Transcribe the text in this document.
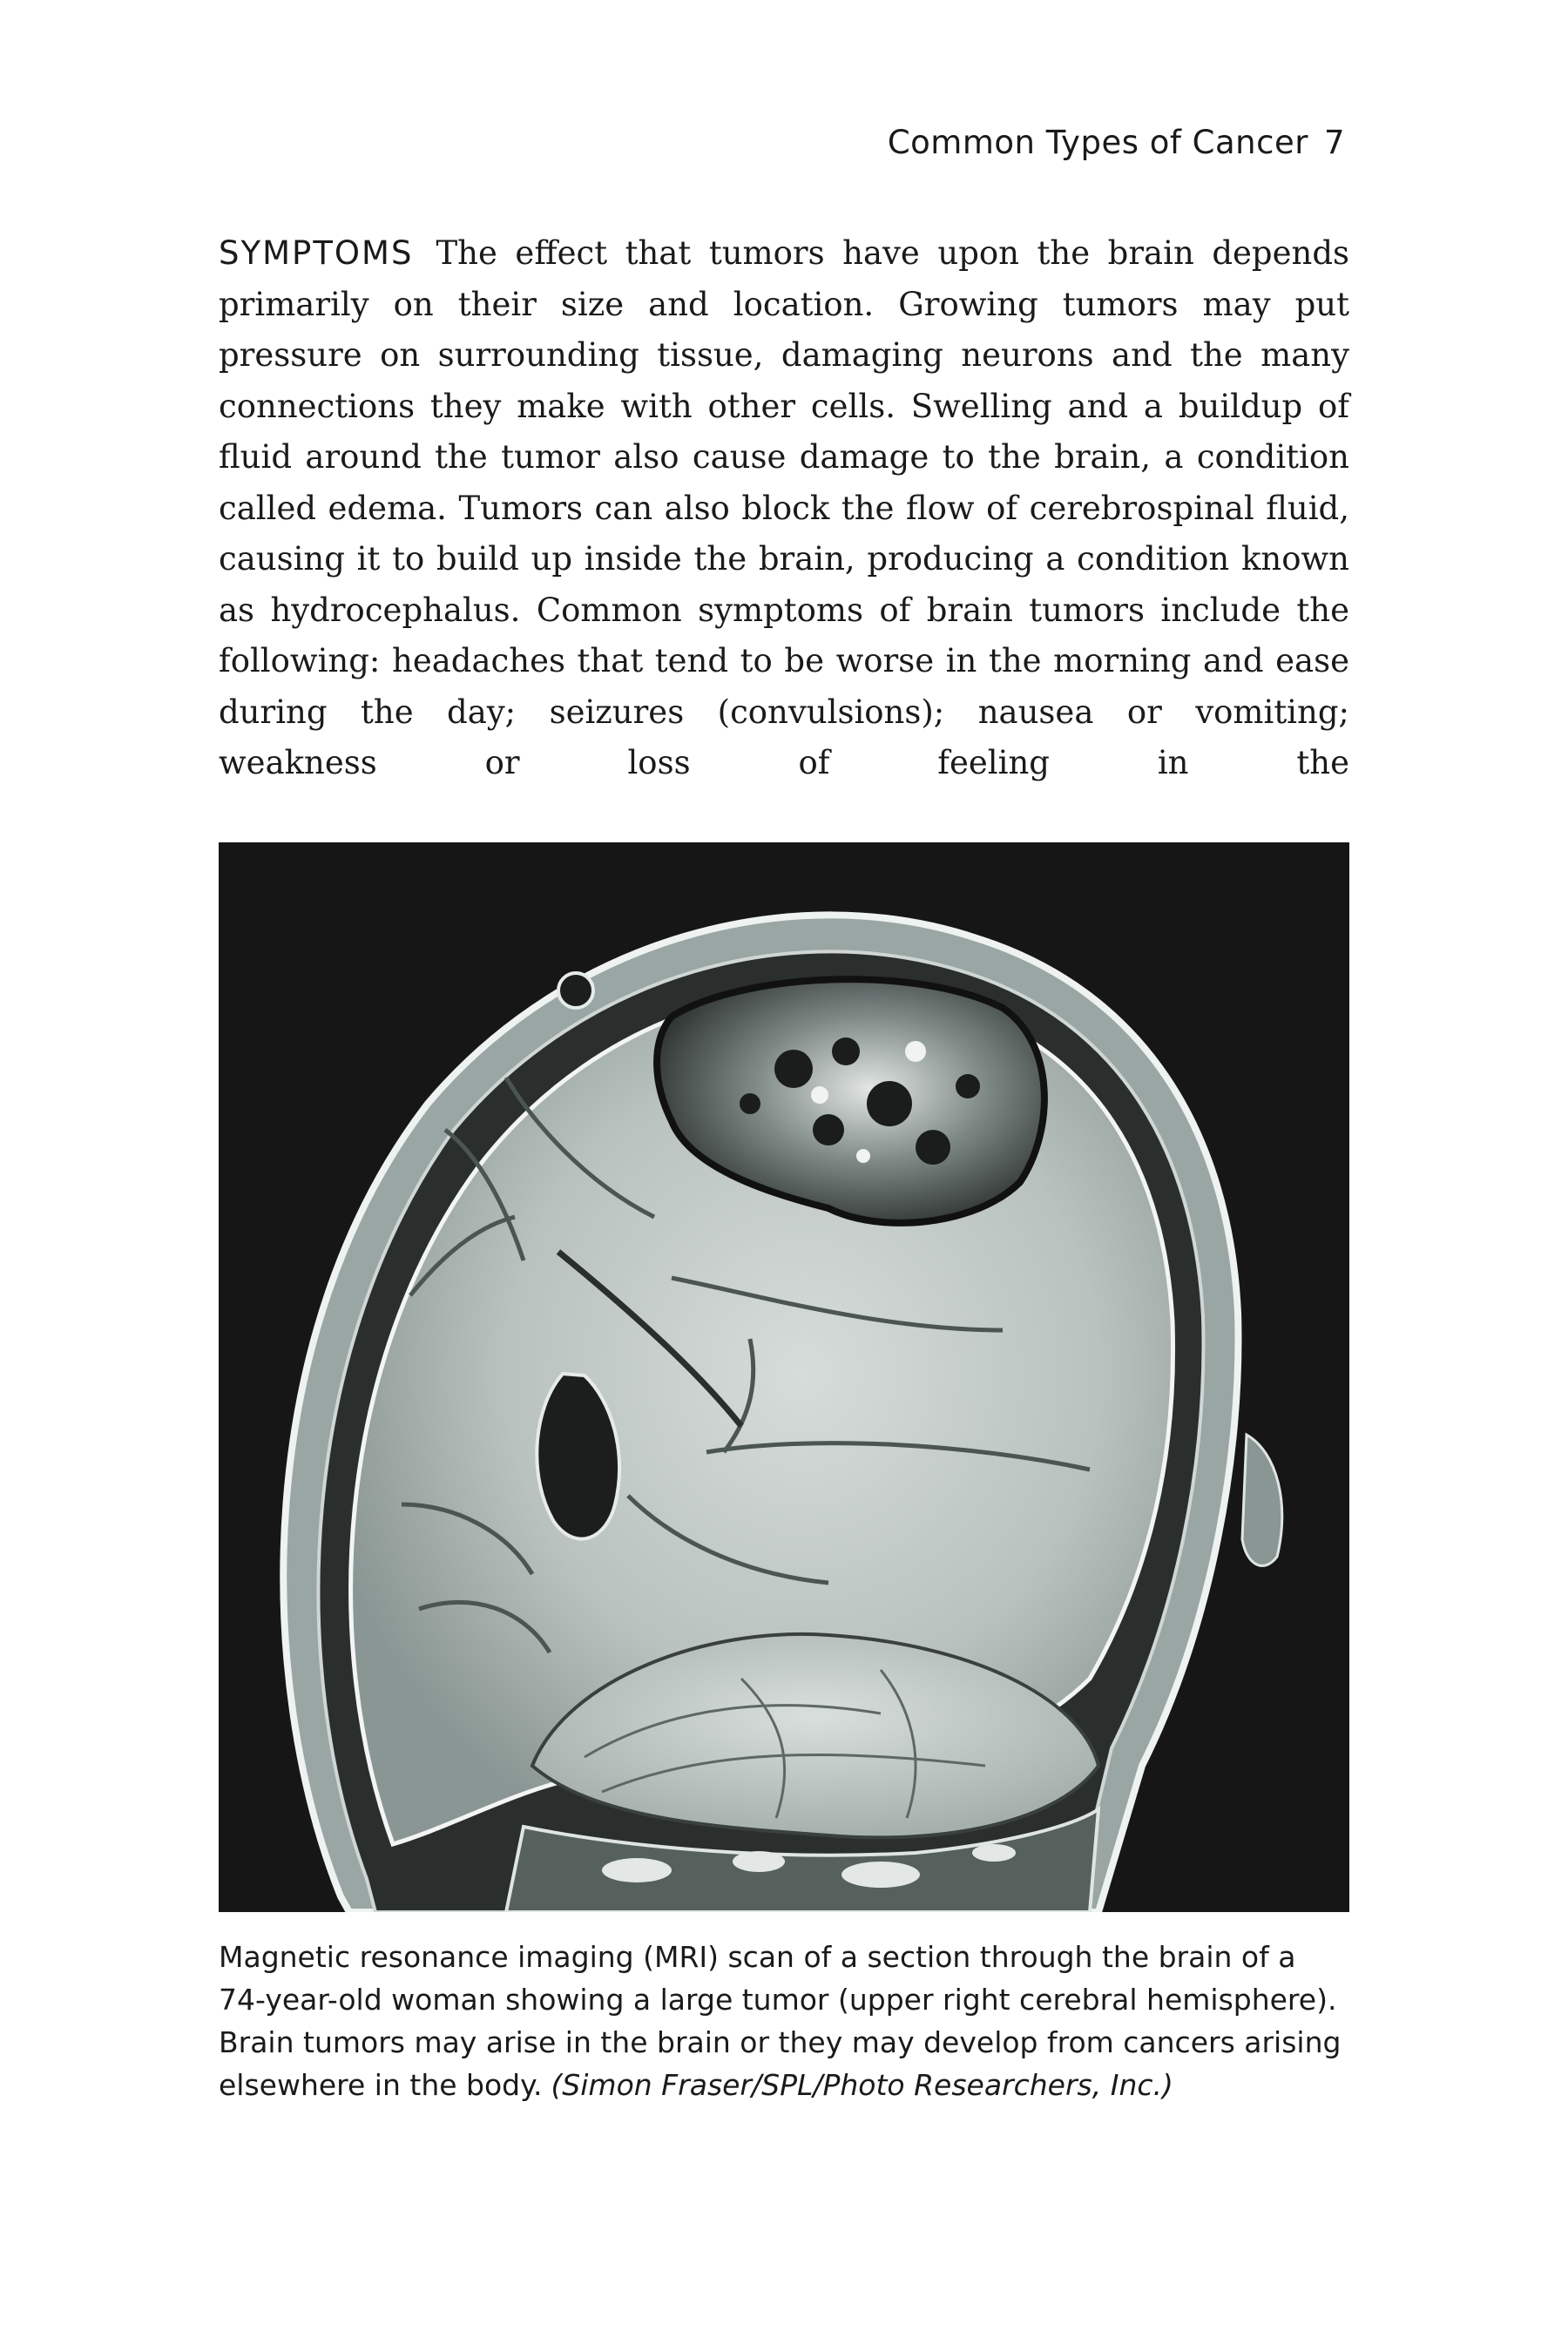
Common Types of Cancer 7

SYMPTOMS The effect that tumors have upon the brain depends primarily on their size and location. Growing tumors may put pressure on surrounding tissue, damaging neurons and the many connections they make with other cells. Swelling and a buildup of fluid around the tumor also cause damage to the brain, a condition called edema. Tumors can also block the flow of cerebrospinal fluid, causing it to build up inside the brain, producing a condition known as hydrocephalus. Common symptoms of brain tumors include the following: headaches that tend to be worse in the morning and ease during the day; seizures (convulsions); nausea or vomiting; weakness or loss of feeling in the

Magnetic resonance imaging (MRI) scan of a section through the brain of a 74-year-old woman showing a large tumor (upper right cerebral hemisphere). Brain tumors may arise in the brain or they may develop from cancers arising elsewhere in the body. (Simon Fraser/SPL/Photo Researchers, Inc.)
